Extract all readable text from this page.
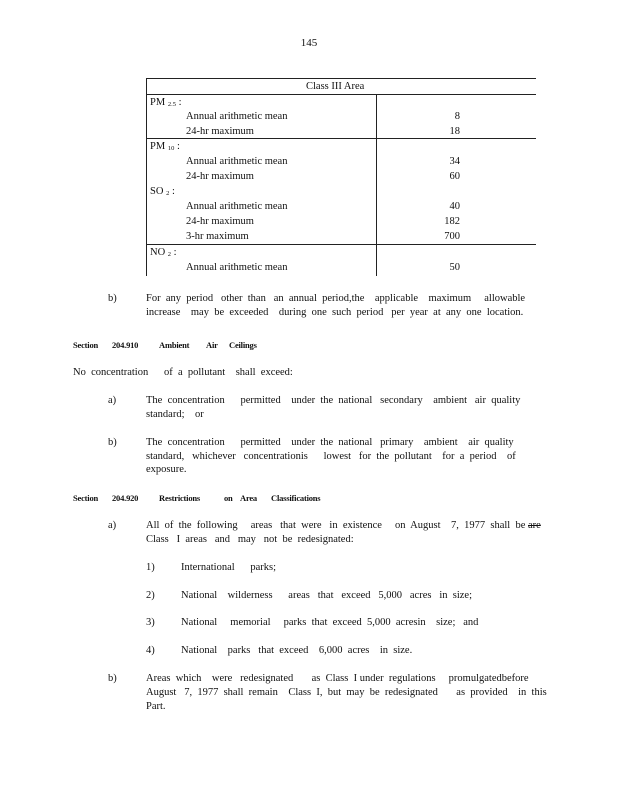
145
Class III Area
PM $_{2.5}$ :
Annual arithmetic mean	8
24-hr maximum	18
PM $_{10}$ :
Annual arithmetic mean	34
24-hr maximum	60
SO $_2$ :
Annual arithmetic mean	40
24-hr maximum	182
3-hr maximum	700
NO $_2$ :
Annual arithmetic mean	50
b)	For  any  period   other  than   an  annual  period,the    applicable    maximum     allowable
increase    may  be  exceeded    during  one  such  period   per  year  at  any  one  location.
Section 204.910 Ambient Air Ceilings
No  concentration      of  a  pollutant    shall  exceed:
a)	The  concentration      permitted    under  the  national   secondary    ambient   air  quality
standard;    or
b)	The  concentration      permitted    under  the  national   primary    ambient    air  quality
standard,   whichever   concentrationis      lowest   for  the  pollutant    for  a  period    of
exposure.
Section 204.920 Restrictions	on Area Classifications
a)	All  of  the  following     areas   that  were   in  existence     on  August    7,  1977  shall  be are
Class   I  areas   and   may   not  be  redesignated:
1)	International      parks;
2)	National    wilderness      areas   that   exceed   5,000   acres   in  size;
3)	National     memorial     parks  that  exceed  5,000  acresin    size;   and
4)	National    parks   that  exceed    6,000  acres    in  size.
b)	Areas  which    were   redesignated       as  Class  I under  regulations     promulgatedbefore
August   7,  1977  shall  remain    Class  I,  but  may  be  redesignated       as  provided    in  this
Part.
